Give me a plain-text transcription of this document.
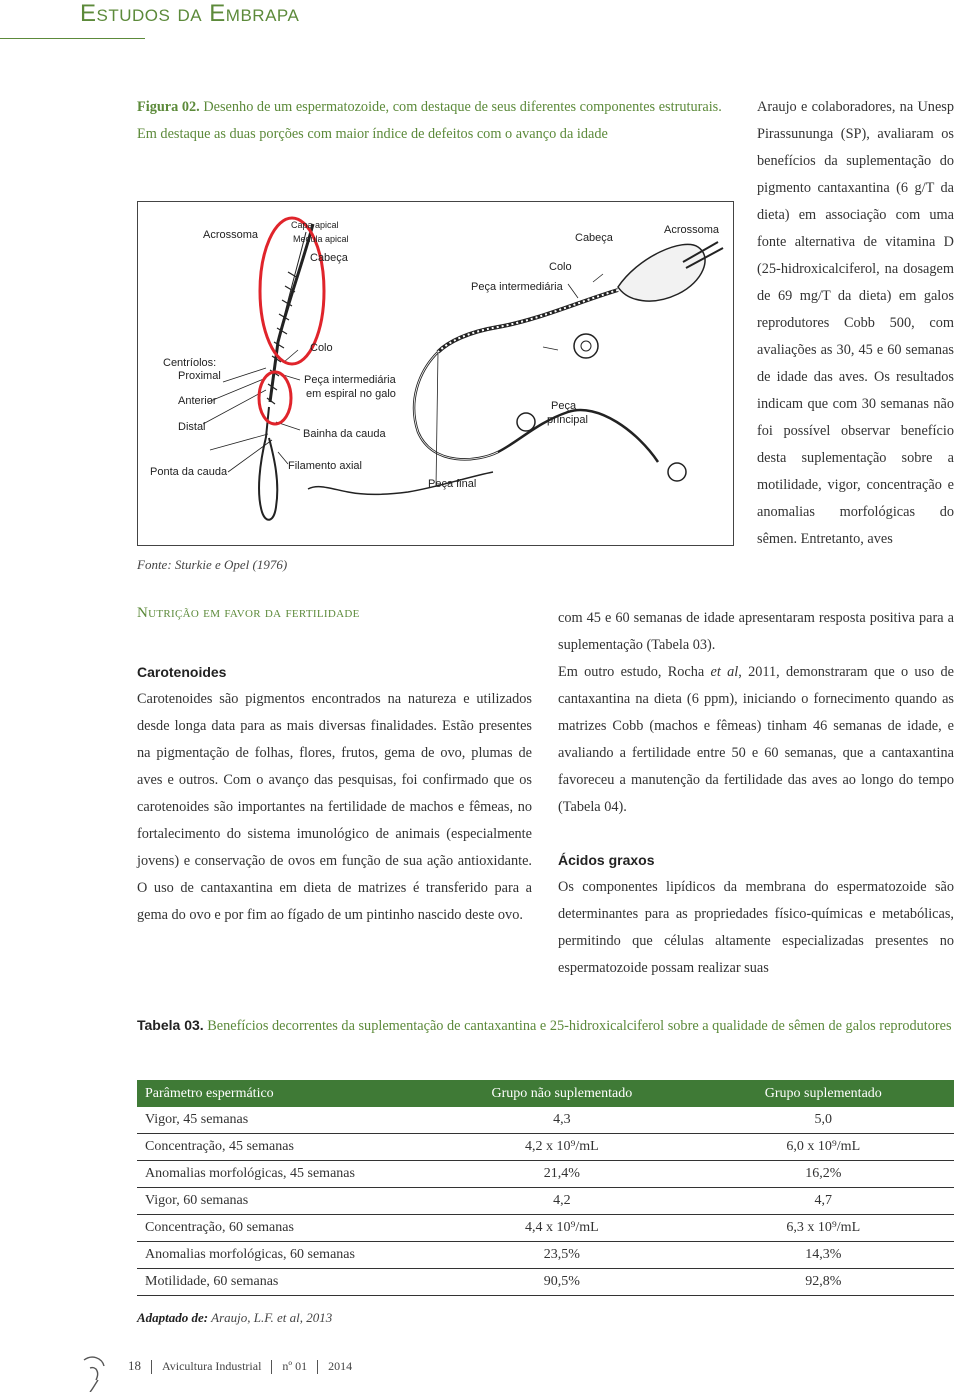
Estudos da Embrapa
Figura 02. Desenho de um espermatozoide, com destaque de seus diferentes componentes estruturais. Em destaque as duas porções com maior índice de defeitos com o avanço da idade
Acrossoma
Capa apical
Medula apical
Cabeça
Colo
Centríolos:
Proximal
Anterior
Distal
Peça intermediária
em espiral no galo
Bainha da cauda
Ponta da cauda	Filamento axial
Peça final
Peça intermediária
Colo
Cabeça
Acrossoma
Peça
principal
Fonte: Sturkie e Opel (1976)

Araujo e colaboradores, na Unesp Pirassununga (SP), avaliaram os benefícios da suplementação do pigmento cantaxantina (6 g/T da dieta) em associação com uma fonte alternativa de vitamina D (25-hidroxicalciferol, na dosagem de 69 mg/T da dieta) em galos reprodutores Cobb 500, com avaliações as 30, 45 e 60 semanas de idade das aves. Os resultados indicam que com 30 semanas não foi possível observar benefício desta suplementação sobre a motilidade, vigor, concentração e anomalias morfológicas do sêmen. Entretanto, aves

Nutrição em favor da fertilidade
Carotenoides
Carotenoides são pigmentos encontrados na natureza e utilizados desde longa data para as mais diversas finalidades. Estão presentes na pigmentação de folhas, flores, frutos, gema de ovo, plumas de aves e outros. Com o avanço das pesquisas, foi confirmado que os carotenoides são importantes na fertilidade de machos e fêmeas, no fortalecimento do sistema imunológico de animais (especialmente jovens) e conservação de ovos em função de sua ação antioxidante. O uso de cantaxantina em dieta de matrizes é transferido para a gema do ovo e por fim ao fígado de um pintinho nascido deste ovo.

com 45 e 60 semanas de idade apresentaram resposta positiva para a suplementação (Tabela 03).

Em outro estudo, Rocha et al, 2011, demonstraram que o uso de cantaxantina na dieta (6 ppm), iniciando o fornecimento quando as matrizes Cobb (machos e fêmeas) tinham 46 semanas de idade, e avaliando a fertilidade entre 50 e 60 semanas, que a cantaxantina favoreceu a manutenção da fertilidade das aves ao longo do tempo (Tabela 04).

Ácidos graxos
Os componentes lipídicos da membrana do espermatozoide são determinantes para as propriedades físico-químicas e metabólicas, permitindo que células altamente especializadas presentes no espermatozoide possam realizar suas
Tabela 03. Benefícios decorrentes da suplementação de cantaxantina e 25-hidroxicalciferol sobre a qualidade de sêmen de galos reprodutores
Parâmetro espermático	Grupo não suplementado	Grupo suplementado
Vigor, 45 semanas	4,3	5,0
Concentração, 45 semanas	4,2 x 10⁹/mL	6,0 x 10⁹/mL
Anomalias morfológicas, 45 semanas	21,4%	16,2%
Vigor, 60 semanas	4,2	4,7
Concentração, 60 semanas	4,4 x 10⁹/mL	6,3 x 10⁹/mL
Anomalias morfológicas, 60 semanas	23,5%	14,3%
Motilidade, 60 semanas	90,5%	92,8%
Adaptado de: Araujo, L.F. et al, 2013
18 Avicultura Industrial nº 01 2014
